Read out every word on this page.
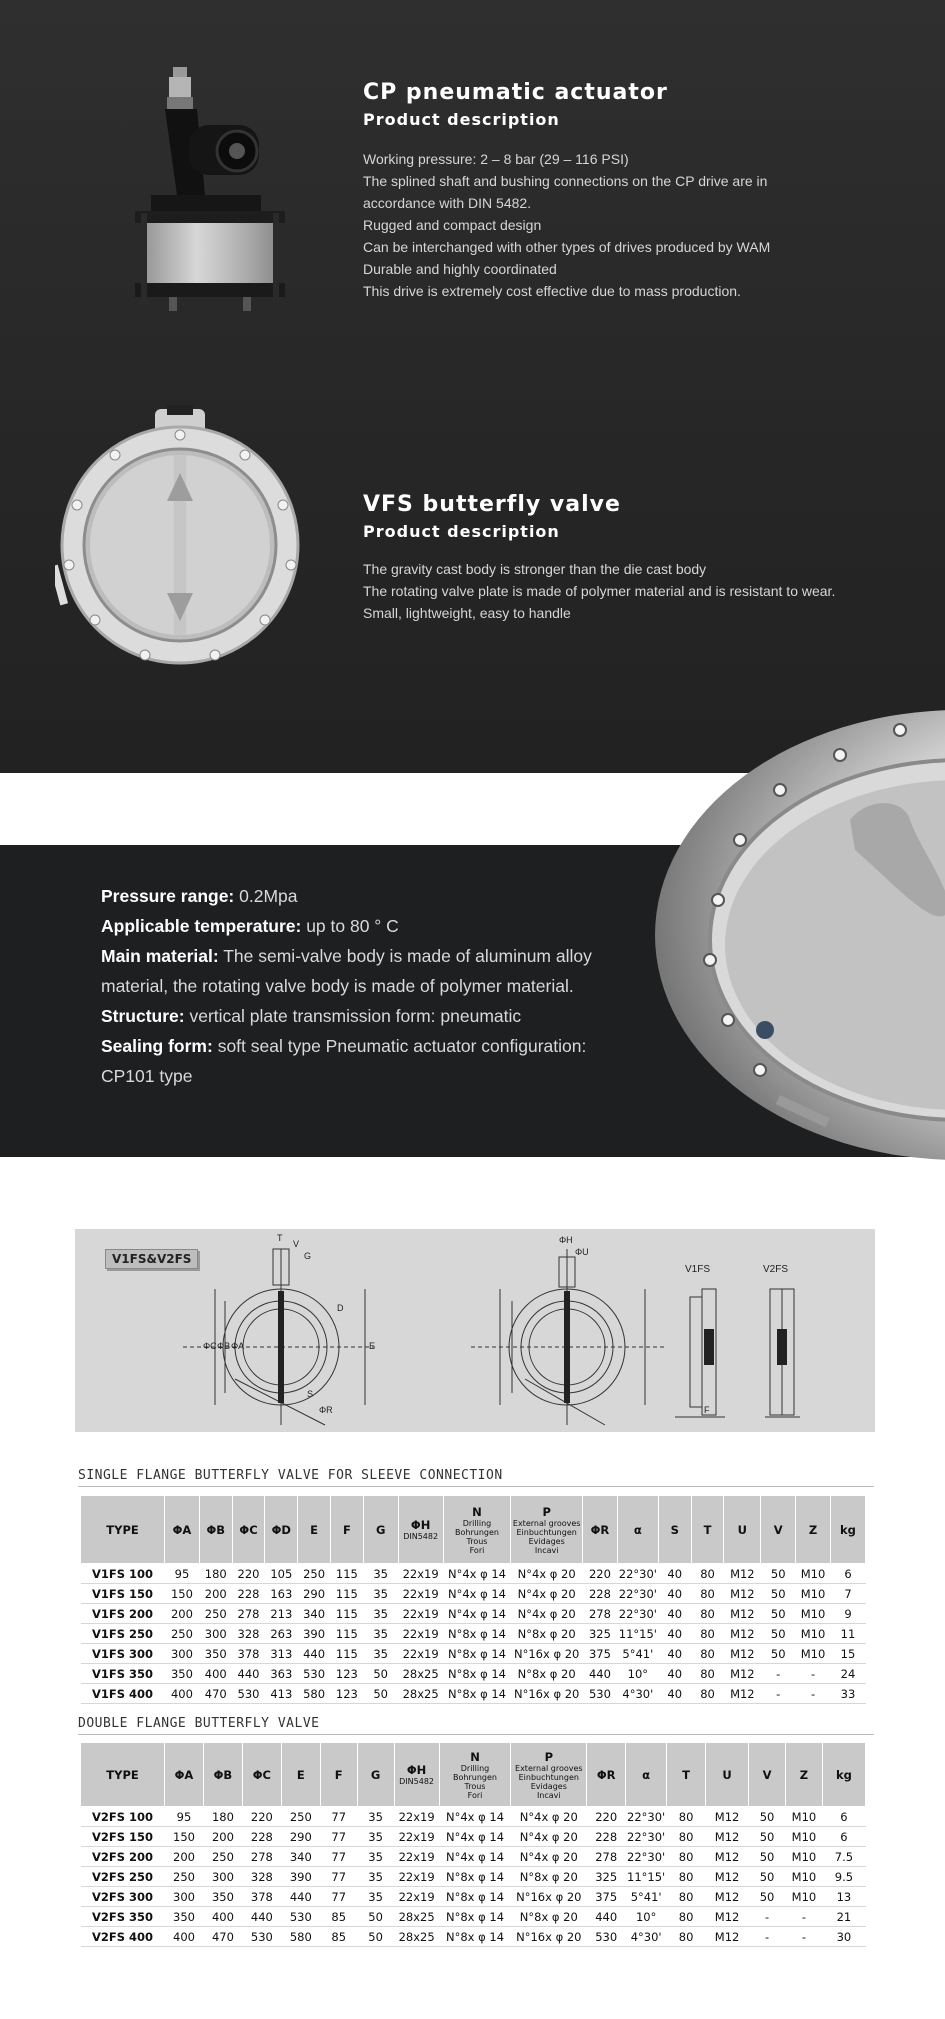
CP pneumatic actuator
Product description
Working pressure: 2 – 8 bar (29 – 116 PSI)
The splined shaft and bushing connections on the CP drive are in
accordance with DIN 5482.
Rugged and compact design
Can be interchanged with other types of drives produced by WAM
Durable and highly coordinated
This drive is extremely cost effective due to mass production.
VFS butterfly valve
Product description
The gravity cast body is stronger than the die cast body
The rotating valve plate is made of polymer material and is resistant to wear.
Small, lightweight, easy to handle
Pressure range: 0.2Mpa
Applicable temperature: up to 80 ° C
Main material: The semi-valve body is made of aluminum alloy material, the rotating valve body is made of polymer material.
Structure: vertical plate transmission form: pneumatic
Sealing form: soft seal type Pneumatic actuator configuration: CP101 type
V1FS&V2FS
V1FS	V2FS
T
V
ΦU
ΦH
ΦC ΦB ΦA	E
F
ΦR
D
S
G
SINGLE FLANGE BUTTERFLY VALVE FOR SLEEVE CONNECTION
TYPE	ΦA	ΦB	ΦC	ΦD	E	F	G	ΦH
DIN5482	N
Drilling
Bohrungen
Trous
Fori	P
External grooves
Einbuchtungen
Evidages
Incavi	ΦR	α	S	T	U	V	Z	kg
V1FS 100	95	180	220	105	250	115	35	22x19	N°4x φ 14	N°4x φ 20	220	22°30'	40	80	M12	50	M10	6
V1FS 150	150	200	228	163	290	115	35	22x19	N°4x φ 14	N°4x φ 20	228	22°30'	40	80	M12	50	M10	7
V1FS 200	200	250	278	213	340	115	35	22x19	N°4x φ 14	N°4x φ 20	278	22°30'	40	80	M12	50	M10	9
V1FS 250	250	300	328	263	390	115	35	22x19	N°8x φ 14	N°8x φ 20	325	11°15'	40	80	M12	50	M10	11
V1FS 300	300	350	378	313	440	115	35	22x19	N°8x φ 14	N°16x φ 20	375	5°41'	40	80	M12	50	M10	15
V1FS 350	350	400	440	363	530	123	50	28x25	N°8x φ 14	N°8x φ 20	440	10°	40	80	M12	-	-	24
V1FS 400	400	470	530	413	580	123	50	28x25	N°8x φ 14	N°16x φ 20	530	4°30'	40	80	M12	-	-	33
DOUBLE FLANGE BUTTERFLY VALVE
TYPE	ΦA	ΦB	ΦC	E	F	G	ΦH
DIN5482	N
Drilling
Bohrungen
Trous
Fori	P
External grooves
Einbuchtungen
Evidages
Incavi	ΦR	α	T	U	V	Z	kg
V2FS 100	95	180	220	250	77	35	22x19	N°4x φ 14	N°4x φ 20	220	22°30'	80	M12	50	M10	6
V2FS 150	150	200	228	290	77	35	22x19	N°4x φ 14	N°4x φ 20	228	22°30'	80	M12	50	M10	6
V2FS 200	200	250	278	340	77	35	22x19	N°4x φ 14	N°4x φ 20	278	22°30'	80	M12	50	M10	7.5
V2FS 250	250	300	328	390	77	35	22x19	N°8x φ 14	N°8x φ 20	325	11°15'	80	M12	50	M10	9.5
V2FS 300	300	350	378	440	77	35	22x19	N°8x φ 14	N°16x φ 20	375	5°41'	80	M12	50	M10	13
V2FS 350	350	400	440	530	85	50	28x25	N°8x φ 14	N°8x φ 20	440	10°	80	M12	-	-	21
V2FS 400	400	470	530	580	85	50	28x25	N°8x φ 14	N°16x φ 20	530	4°30'	80	M12	-	-	30
